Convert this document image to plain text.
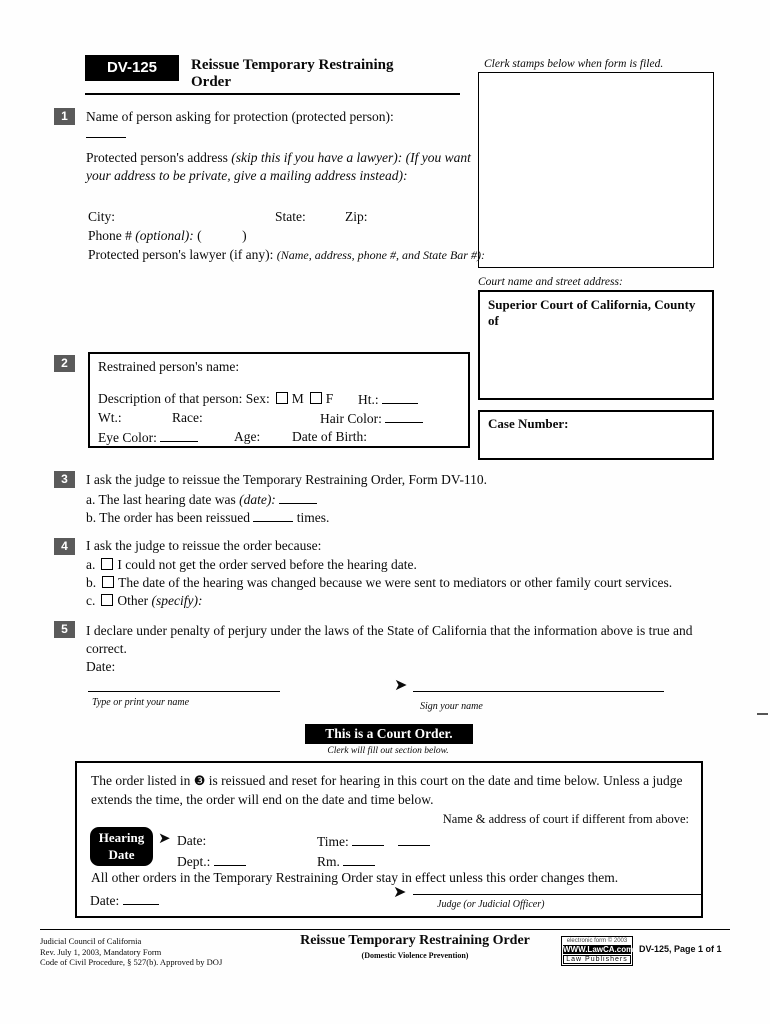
DV-125	Reissue Temporary Restraining
Order
Clerk stamps below when form is filed.
Court name and street address:
Superior Court of California, County of
Case Number:
1	Name of person asking for protection (protected person):
Protected person's address (skip this if you have a lawyer): (If you want your address to be private, give a mailing address instead):
City:	State:	Zip:
Phone # (optional): (            )
Protected person's lawyer (if any): (Name, address, phone #, and State Bar #):
2	Restrained person's name:
Description of that person: Sex: M F Ht.:
Wt.:	Race:	Hair Color:
Eye Color:	Age: Date of Birth:
3	I ask the judge to reissue the Temporary Restraining Order, Form DV-110.
a. The last hearing date was (date):
b. The order has been reissued	times.
4	I ask the judge to reissue the order because:
a. I could not get the order served before the hearing date.
b. The date of the hearing was changed because we were sent to mediators or other family court services.
c. Other (specify):
5	I declare under penalty of perjury under the laws of the State of California that the information above is true and correct.
Date:
Type or print your name
➤
Sign your name
This is a Court Order.
Clerk will fill out section below.
The order listed in ❸ is reissued and reset for hearing in this court on the date and time below. Unless a judge extends the time, the order will end on the date and time below.
Name & address of court if different from above:
Hearing
Date
➤ Date:	Time:
Dept.:	Rm.
All other orders in the Temporary Restraining Order stay in effect unless this order changes them.
➤
Judge (or Judicial Officer)
Date:
Judicial Council of California
Rev. July 1, 2003, Mandatory Form
Code of Civil Procedure, § 527(b). Approved by DOJ
Reissue Temporary Restraining Order
(Domestic Violence Prevention)
electronic form © 2003
WWW.LawCA.com
Law Publishers
DV-125, Page 1 of 1
